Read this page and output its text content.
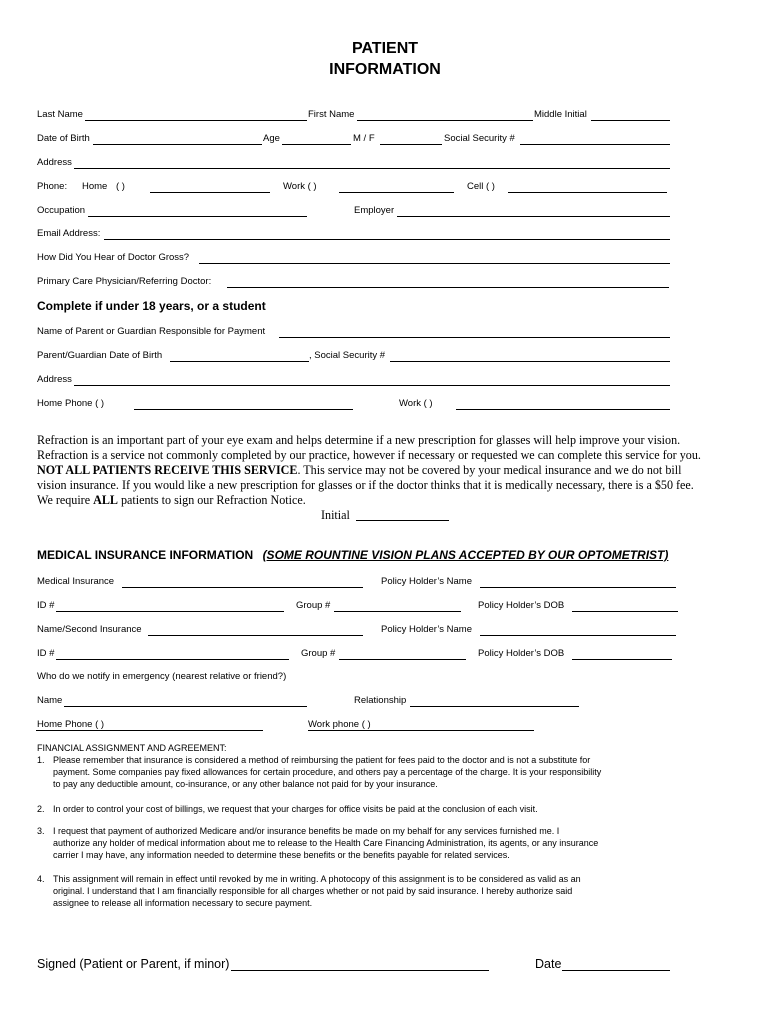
PATIENT
INFORMATION
Last Name	First Name	Middle Initial
Date of Birth	Age	M / F	Social Security #
Address
Phone: Home ( )	Work ( )	Cell ( )
Occupation	Employer
Email Address:
How Did You Hear of Doctor Gross?
Primary Care Physician/Referring Doctor:
Complete if under 18 years, or a student
Name of Parent or Guardian Responsible for Payment
Parent/Guardian Date of Birth	, Social Security #
Address
Home Phone ( )	Work ( )

Refraction is an important part of your eye exam and helps determine if a new prescription for glasses will help improve your vision.

Refraction is a service not commonly completed by our practice, however if necessary or requested we can complete this service for you.

NOT ALL PATIENTS RECEIVE THIS SERVICE. This service may not be covered by your medical insurance and we do not bill

vision insurance. If you would like a new prescription for glasses or if the doctor thinks that it is medically necessary, there is a $50 fee.

We require ALL patients to sign our Refraction Notice.

Initial
MEDICAL INSURANCE INFORMATION (SOME ROUNTINE VISION PLANS ACCEPTED BY OUR OPTOMETRIST)
Medical Insurance	Policy Holder’s Name
ID #	Group #	Policy Holder’s DOB
Name/Second Insurance	Policy Holder’s Name
ID #	Group #	Policy Holder’s DOB
Who do we notify in emergency (nearest relative or friend?)
Name	Relationship
Home Phone ( )	Work phone ( )
FINANCIAL ASSIGNMENT AND AGREEMENT:
1. Please remember that insurance is considered a method of reimbursing the patient for fees paid to the doctor and is not a substitute for
payment. Some companies pay fixed allowances for certain procedure, and others pay a percentage of the charge. It is your responsibility
to pay any deductible amount, co-insurance, or any other balance not paid for by your insurance.
2. In order to control your cost of billings, we request that your charges for office visits be paid at the conclusion of each visit.
3. I request that payment of authorized Medicare and/or insurance benefits be made on my behalf for any services furnished me. I
authorize any holder of medical information about me to release to the Health Care Financing Administration, its agents, or any insurance
carrier I may have, any information needed to determine these benefits or the benefits payable for related services.
4. This assignment will remain in effect until revoked by me in writing. A photocopy of this assignment is to be considered as valid as an
original. I understand that I am financially responsible for all charges whether or not paid by said insurance. I hereby authorize said
assignee to release all information necessary to secure payment.
Signed (Patient or Parent, if minor)	Date
